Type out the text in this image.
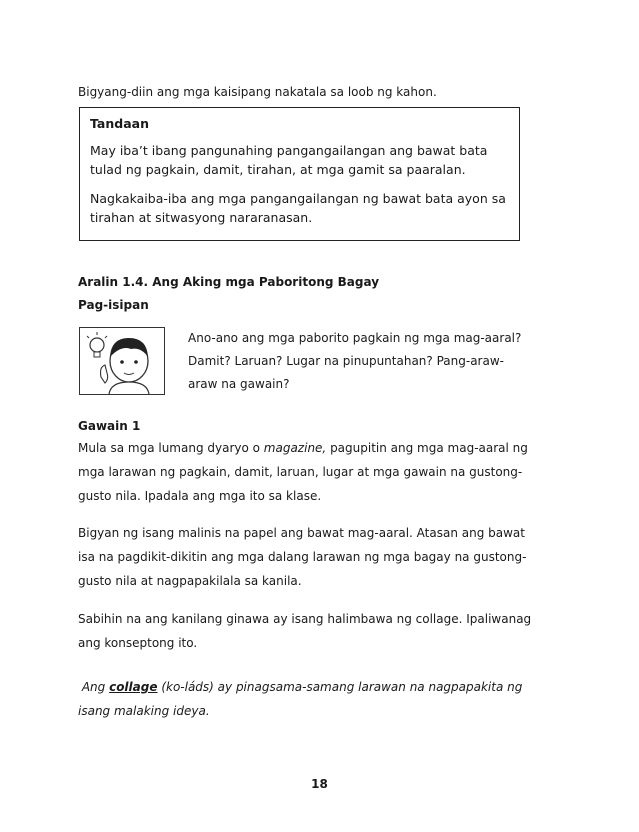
Bigyang-diin ang mga kaisipang nakatala sa loob ng kahon.

Tandaan

May iba’t ibang pangunahing pangangailangan ang bawat bata tulad ng pagkain, damit, tirahan, at mga gamit sa paaralan.

Nagkakaiba-iba ang mga pangangailangan ng bawat bata ayon sa tirahan at sitwasyong nararanasan.

Aralin 1.4. Ang Aking mga Paboritong Bagay

Pag-isipan

Ano-ano ang mga paborito pagkain ng mga mag-aaral? Damit? Laruan? Lugar na pinupuntahan? Pang-araw-araw na gawain?

Gawain 1

Mula sa mga lumang dyaryo o magazine, pagupitin ang mga mag-aaral ng mga larawan ng pagkain, damit, laruan, lugar at mga gawain na gustong-gusto nila. Ipadala ang mga ito sa klase.

Bigyan ng isang malinis na papel ang bawat mag-aaral. Atasan ang bawat isa na pagdikit-dikitin ang mga dalang larawan ng mga bagay na gustong-gusto nila at nagpapakilala sa kanila.

Sabihin na ang kanilang ginawa ay isang halimbawa ng collage. Ipaliwanag ang konseptong ito.

Ang collage (ko-láds) ay pinagsama-samang larawan na nagpapakita ng isang malaking ideya.

18
